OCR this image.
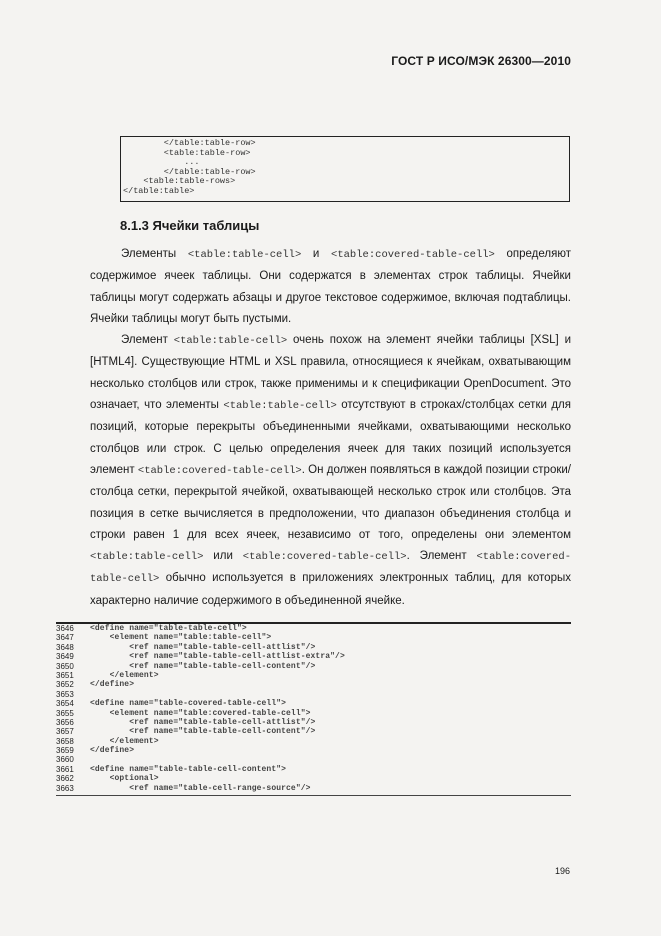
ГОСТ Р ИСО/МЭК 26300—2010
</table:table-row>
<table:table-row>
...
</table:table-row>
<table:table-rows>
</table:table>
8.1.3 Ячейки таблицы

Элементы <table:table-cell> и <table:covered-table-cell> определяют содержимое ячеек таблицы. Они содержатся в элементах строк таблицы. Ячейки таблицы могут содержать абзацы и другое текстовое содержимое, включая подтаблицы. Ячейки таблицы могут быть пустыми.

Элемент <table:table-cell> очень похож на элемент ячейки таблицы [XSL] и [HTML4]. Существующие HTML и XSL правила, относящиеся к ячейкам, охватывающим несколько столбцов или строк, также применимы и к спецификации OpenDocument. Это означает, что элементы <table:table-cell> отсутствуют в строках/столбцах сетки для позиций, которые перекрыты объединенными ячейками, охватывающими несколько столбцов или строк. С целью определения ячеек для таких позиций используется элемент <table:covered-table-cell>. Он должен появляться в каждой позиции строки/столбца сетки, перекрытой ячейкой, охватывающей несколько строк или столбцов. Эта позиция в сетке вычисляется в предположении, что диапазон объединения столбца и строки равен 1 для всех ячеек, независимо от того, определены они элементом <table:table-cell> или <table:covered-table-cell>. Элемент <table:covered-table-cell> обычно используется в приложениях электронных таблиц, для которых характерно наличие содержимого в объединенной ячейке.

3646	<define name="table-table-cell">
3647	<element name="table:table-cell">
3648	<ref name="table-table-cell-attlist"/>
3649	<ref name="table-table-cell-attlist-extra"/>
3650	<ref name="table-table-cell-content"/>
3651	</element>
3652	</define>
3653
3654	<define name="table-covered-table-cell">
3655	<element name="table:covered-table-cell">
3656	<ref name="table-table-cell-attlist"/>
3657	<ref name="table-table-cell-content"/>
3658	</element>
3659	</define>
3660
3661	<define name="table-table-cell-content">
3662	<optional>
3663	<ref name="table-cell-range-source"/>
196
